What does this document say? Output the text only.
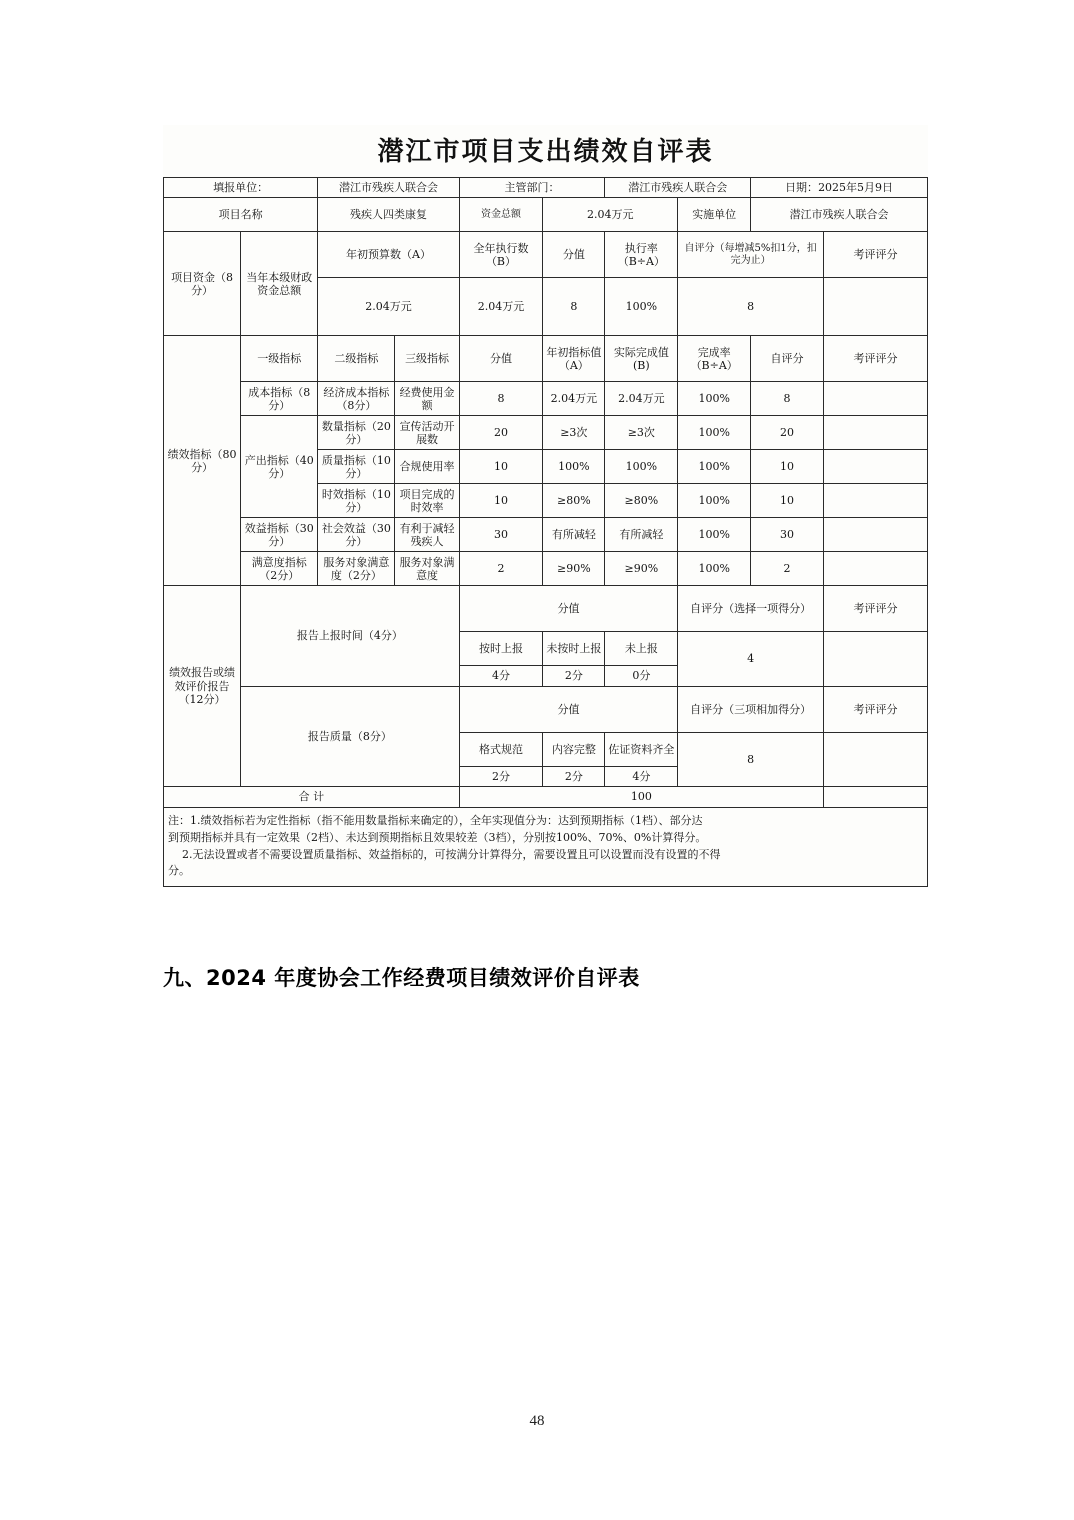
潜江市项目支出绩效自评表
填报单位：		潜江市残疾人联合会		主管部门：		潜江市残疾人联合会		日期：2025年5月9日	
项目名称		残疾人四类康复		资金总额	2.04万元		实施单位	潜江市残疾人联合会	
项目资金（8分）	当年本级财政资金总额	年初预算数（A）		全年执行数（B）	分值	执行率（B÷A）	自评分（每增减5%扣1分，扣完为止）		考评评分
		2.04万元		2.04万元	8	100%	8		
绩效指标（80分）	一级指标	二级指标	三级指标	分值	年初指标值（A）	实际完成值(B)	完成率（B÷A）	自评分	考评评分
	成本指标（8分）	经济成本指标（8分）	经费使用金额	8	2.04万元	2.04万元	100%	8	
	产出指标（40分）	数量指标（20分）	宣传活动开展数	20	≥3次	≥3次	100%	20	
		质量指标（10分）	合规使用率	10	100%	100%	100%	10	
		时效指标（10分）	项目完成的时效率	10	≥80%	≥80%	100%	10	
	效益指标（30分）	社会效益（30分）	有利于减轻残疾人	30	有所减轻	有所减轻	100%	30	
	满意度指标（2分）	服务对象满意度（2分）	服务对象满意度	2	≥90%	≥90%	100%	2	
绩效报告或绩效评价报告（12分）	报告上报时间（4分）			分值			自评分（选择一项得分）		考评评分
				按时上报	未按时上报	未上报	4		
				4分	2分	0分			
	报告质量（8分）			分值			自评分（三项相加得分）		考评评分
				格式规范	内容完整	佐证资料齐全	8		
				2分	2分	4分			
合 计				100					

注：1.绩效指标若为定性指标（指不能用数量指标来确定的），全年实现值分为：达到预期指标（1档）、部分达

到预期指标并具有一定效果（2档）、未达到预期指标且效果较差（3档），分别按100%、70%、0%计算得分。

2.无法设置或者不需要设置质量指标、效益指标的，可按满分计算得分，需要设置且可以设置而没有设置的不得

分。

九、2024 年度协会工作经费项目绩效评价自评表
48
